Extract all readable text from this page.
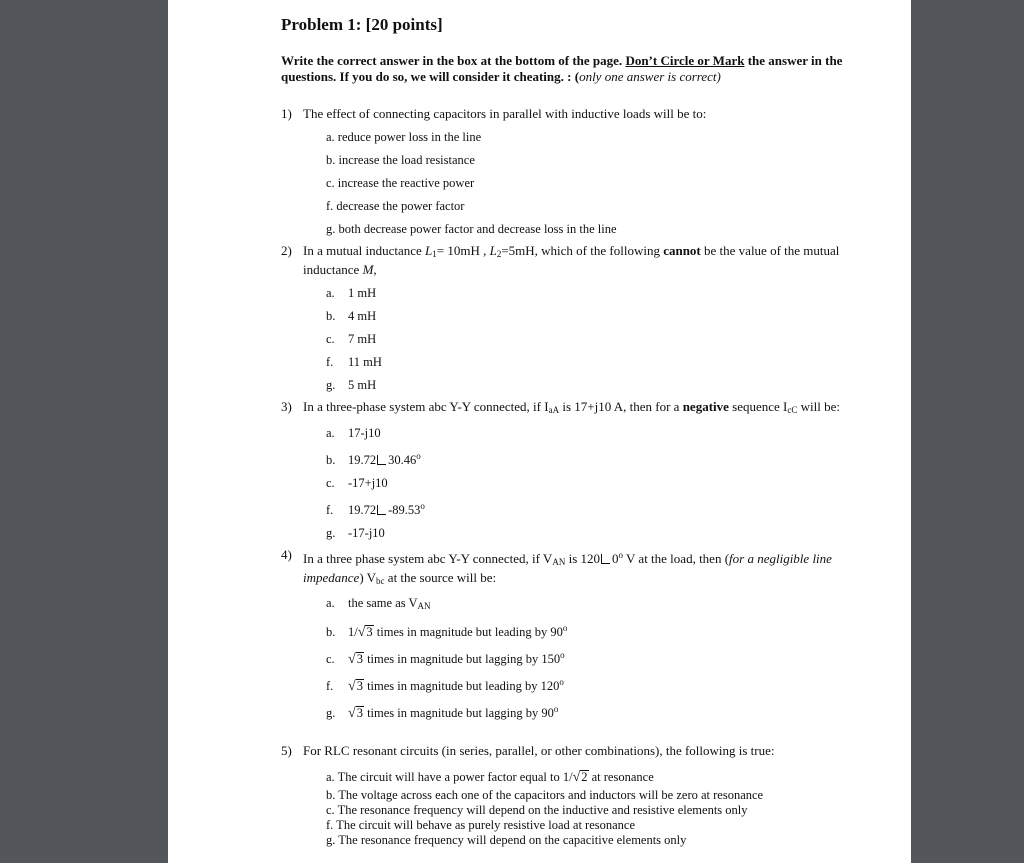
Problem 1: [20 points]
Write the correct answer in the box at the bottom of the page. Don’t Circle or Mark the answer in the questions. If you do so, we will consider it cheating. : (only one answer is correct)
1) The effect of connecting capacitors in parallel with inductive loads will be to:
a. reduce power loss in the line
b. increase the load resistance
c. increase the reactive power
f. decrease the power factor
g. both decrease power factor and decrease loss in the line
2) In a mutual inductance $L_1= 10mH$ , $L_2=5mH$, which of the following cannot be the value of the mutual inductance M,
a. 1 mH
b. 4 mH
c. 7 mH
f. 11 mH
g. 5 mH
3) In a three-phase system abc Y-Y connected, if $I_{aA}$ is 17+j10 A, then for a negative sequence $I_{cC}$ will be:
a. 17-j10
b. 19.72 30.46$^o$
c. -17+j10
f. 19.72 -89.53$^o$
g. -17-j10
4) In a three phase system abc Y-Y connected, if $V_{AN}$ is 120 0$^o$ V at the load, then (for a negligible line impedance) $V_{bc}$ at the source will be:
a. the same as $V_{AN}$
b. 1/√3 times in magnitude but leading by 90$^o$
c. √3 times in magnitude but lagging by 150$^o$
f. √3 times in magnitude but leading by 120$^o$
g. √3 times in magnitude but lagging by 90$^o$
5) For RLC resonant circuits (in series, parallel, or other combinations), the following is true:
a. The circuit will have a power factor equal to 1/√2 at resonance
b. The voltage across each one of the capacitors and inductors will be zero at resonance
c. The resonance frequency will depend on the inductive and resistive elements only
f. The circuit will behave as purely resistive load at resonance
g. The resonance frequency will depend on the capacitive elements only
